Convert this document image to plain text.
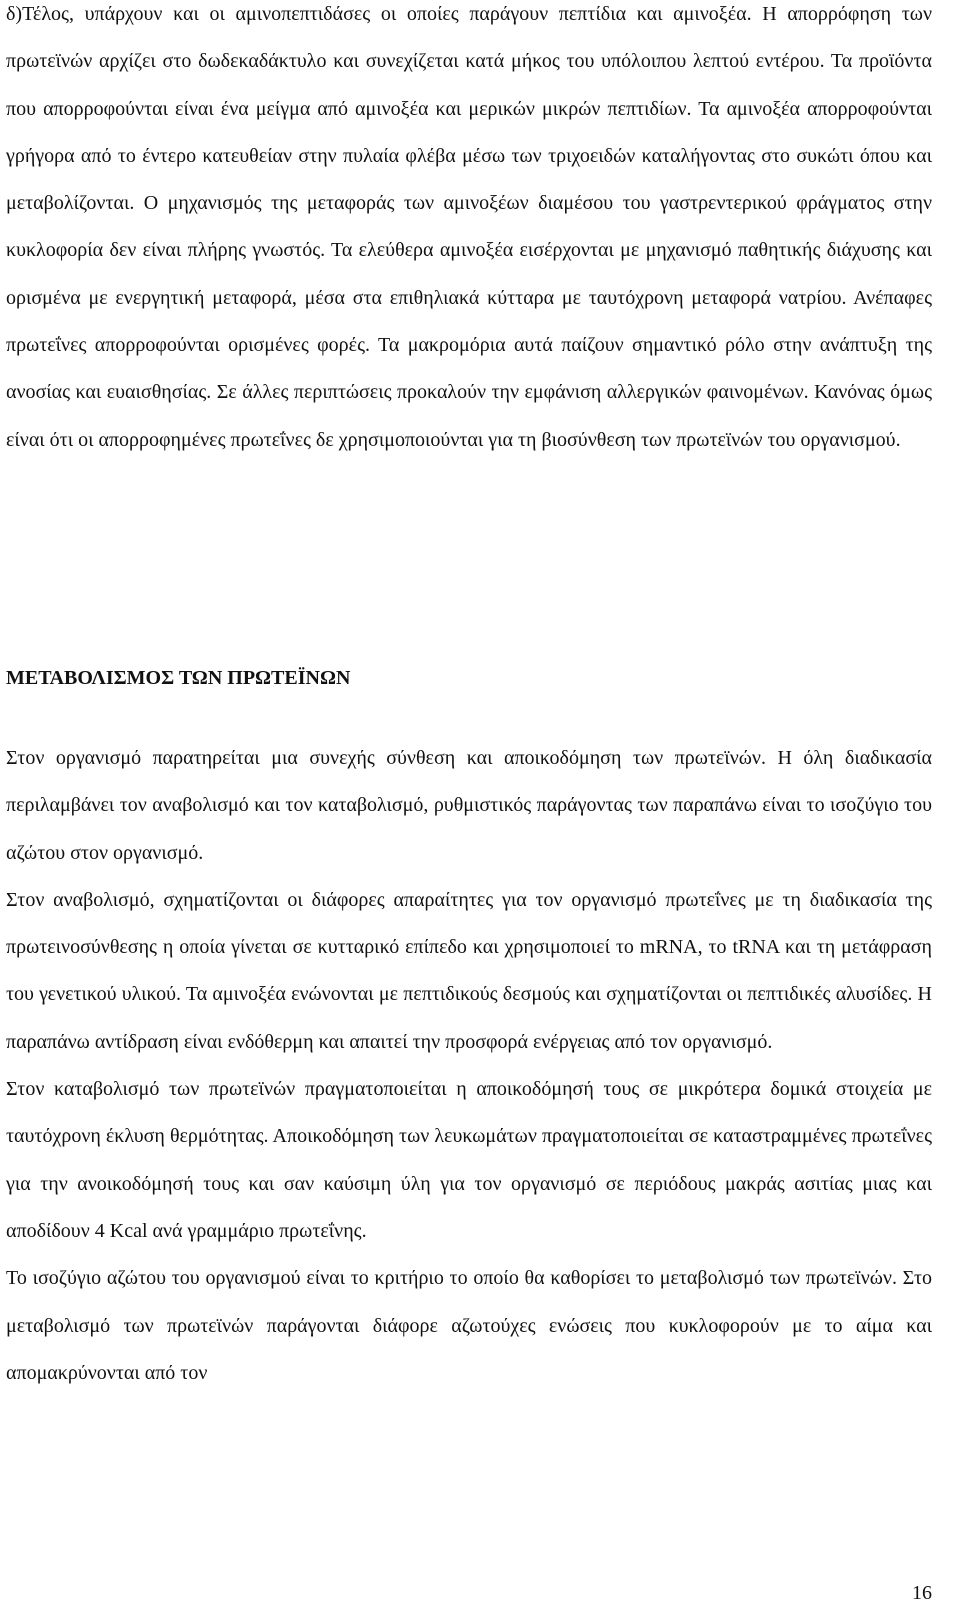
δ)Τέλος, υπάρχουν και οι αμινοπεπτιδάσες οι οποίες παράγουν πεπτίδια και αμινοξέα. Η απορρόφηση των πρωτεϊνών αρχίζει στο δωδεκαδάκτυλο και συνεχίζεται κατά μήκος του υπόλοιπου λεπτού εντέρου. Τα προϊόντα που απορροφούνται είναι ένα μείγμα από αμινοξέα και μερικών μικρών πεπτιδίων. Τα αμινοξέα απορροφούνται γρήγορα από το έντερο κατευθείαν στην πυλαία φλέβα μέσω των τριχοειδών καταλήγοντας στο συκώτι όπου και μεταβολίζονται. Ο μηχανισμός της μεταφοράς των αμινοξέων διαμέσου του γαστρεντερικού φράγματος στην κυκλοφορία δεν είναι πλήρης γνωστός. Τα ελεύθερα αμινοξέα εισέρχονται με μηχανισμό παθητικής διάχυσης και ορισμένα με ενεργητική μεταφορά, μέσα στα επιθηλιακά κύτταρα με ταυτόχρονη μεταφορά νατρίου. Ανέπαφες πρωτεΐνες απορροφούνται ορισμένες φορές. Τα μακρομόρια αυτά παίζουν σημαντικό ρόλο στην ανάπτυξη της ανοσίας και ευαισθησίας. Σε άλλες περιπτώσεις προκαλούν την εμφάνιση αλλεργικών φαινομένων. Κανόνας όμως είναι ότι οι απορροφημένες πρωτεΐνες δε χρησιμοποιούνται για τη βιοσύνθεση των πρωτεϊνών του οργανισμού.

ΜΕΤΑΒΟΛΙΣΜΟΣ ΤΩΝ ΠΡΩΤΕΪΝΩΝ

Στον οργανισμό παρατηρείται μια συνεχής σύνθεση και αποικοδόμηση των πρωτεϊνών. Η όλη διαδικασία περιλαμβάνει τον αναβολισμό και τον καταβολισμό, ρυθμιστικός παράγοντας των παραπάνω είναι το ισοζύγιο του αζώτου στον οργανισμό.

Στον αναβολισμό, σχηματίζονται οι διάφορες απαραίτητες για τον οργανισμό πρωτεΐνες με τη διαδικασία της πρωτεινοσύνθεσης η οποία γίνεται σε κυτταρικό επίπεδο και χρησιμοποιεί το mRNA, το tRNA και τη μετάφραση του γενετικού υλικού. Τα αμινοξέα ενώνονται με πεπτιδικούς δεσμούς και σχηματίζονται οι πεπτιδικές αλυσίδες. Η παραπάνω αντίδραση είναι ενδόθερμη και απαιτεί την προσφορά ενέργειας από τον οργανισμό.

Στον καταβολισμό των πρωτεϊνών πραγματοποιείται η αποικοδόμησή τους σε μικρότερα δομικά στοιχεία με ταυτόχρονη έκλυση θερμότητας. Αποικοδόμηση των λευκωμάτων πραγματοποιείται σε καταστραμμένες πρωτεΐνες για την ανοικοδόμησή τους και σαν καύσιμη ύλη για τον οργανισμό σε περιόδους μακράς ασιτίας μιας και αποδίδουν 4 Kcal ανά γραμμάριο πρωτεΐνης.

Το ισοζύγιο αζώτου του οργανισμού είναι το κριτήριο το οποίο θα καθορίσει το μεταβολισμό των πρωτεϊνών. Στο μεταβολισμό των πρωτεϊνών παράγονται διάφορε αζωτούχες ενώσεις που κυκλοφορούν με το αίμα και απομακρύνονται από τον

16
